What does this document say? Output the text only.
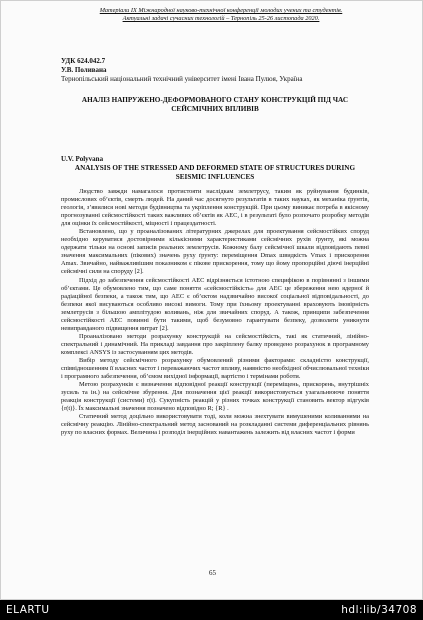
Матеріали IX Міжнародної науково-технічної конференції молодих учених та студентів.
Актуальні задачі сучасних технологій – Тернопіль 25-26 листопада 2020.
УДК 624.042.7
У.В. Поливана
Тернопільський національний технічний університет імені Івана Пулюя, Україна
АНАЛІЗ НАПРУЖЕНО-ДЕФОРМОВАНОГО СТАНУ КОНСТРУКЦІЙ ПІД ЧАС СЕЙСМІЧНИХ ВПЛИВІВ
U.V. Polyvana
ANALYSIS OF THE STRESSED AND DEFORMED STATE OF STRUCTURES DURING SEISMIC INFLUENCES

Людство завжди намагалося протистояти наслідкам землетрусу, таким як руйнування будинків, промислових об’єктів, смерть людей. На даний час досягнуто результатів в таких науках, як механіка ґрунтів, геологія, з’явилися нові методи будівництва та укріплення конструкцій. При цьому виникає потреба в якісному прогнозуванні сейсмостійкості таких важливих об’єктів як АЕС, і в результаті було розпочато розробку методів для оцінки їх сейсмостійкості, міцності і працездатності.

Встановлено, що у проаналізованих літературних джерелах для проектування сейсмостійких споруд необхідно керуватися достовірними кількісними характеристиками сейсмічних рухів ґрунту, які можна одержати тільки на основі записів реальних землетрусів. Кожному балу сейсмічної шкали відповідають певні значення максимальних (пікових) значень руху ґрунту: переміщення Dmax швидкість Vmax і прискорення Amax. Звичайно, найважливішим показником є пікове прискорення, тому що йому пропорційні діючі інерційні сейсмічні сили на споруду [2].

Підхід до забезпечення сейсмостійкості АЕС відрізняється істотною специфікою в порівнянні з іншими об’єктами. Це обумовлено тим, що саме поняття «сейсмостійкість» для АЕС це збереження нею ядерної й радіаційної безпеки, а також тим, що АЕС є об’єктом надзвичайно високої соціальної відповідальності, до безпеки якої висуваються особливо високі вимоги. Тому при їхньому проектуванні враховують імовірність землетрусів з більшою амплітудою коливань, ніж для звичайних споруд. А також, принципи забезпечення сейсмостійкості АЕС повинні бути такими, щоб безумовно гарантувати безпеку, дозволяти уникнути невиправданого підвищення витрат [2].

Проаналізовано методи розрахунку конструкцій на сейсмостійкість, такі як статичний, лінійно-спектральний і динамічний. На прикладі завдання про закріплену балку проведено розрахунок в програмному комплексі ANSYS із застосуванням цих методів.

Вибір методу сейсмічного розрахунку обумовлений різними факторами: складністю конструкції, співвідношенням її власних частот і переважаючих частот впливу, наявністю необхідної обчислювальної техніки і програмного забезпечення, об’ємом вихідної інформації, вартістю і термінами роботи.

Метою розрахунків є визначення відповідної реакції конструкції (переміщень, прискорень, внутрішніх зусиль та ін.) на сейсмічне збурення. Для позначення цієї реакції використовується узагальнююче поняття реакція конструкції (системи) r(t). Сукупність реакцій у різних точках конструкції становить вектор відгуків {r(t)}. Їх максимальні значення позначено відповідно R; {R} .

Статичний метод доцільно використовувати тоді, коли можна знехтувати вимушеними коливаннями на сейсмічну реакцію. Лінійно-спектральний метод заснований на розкладанні системи диференціальних рівнянь руху по власних формах. Величина і розподіл інерційних навантажень залежить від власних частот і форми

65
ELARTU	hdl:lib/34708
